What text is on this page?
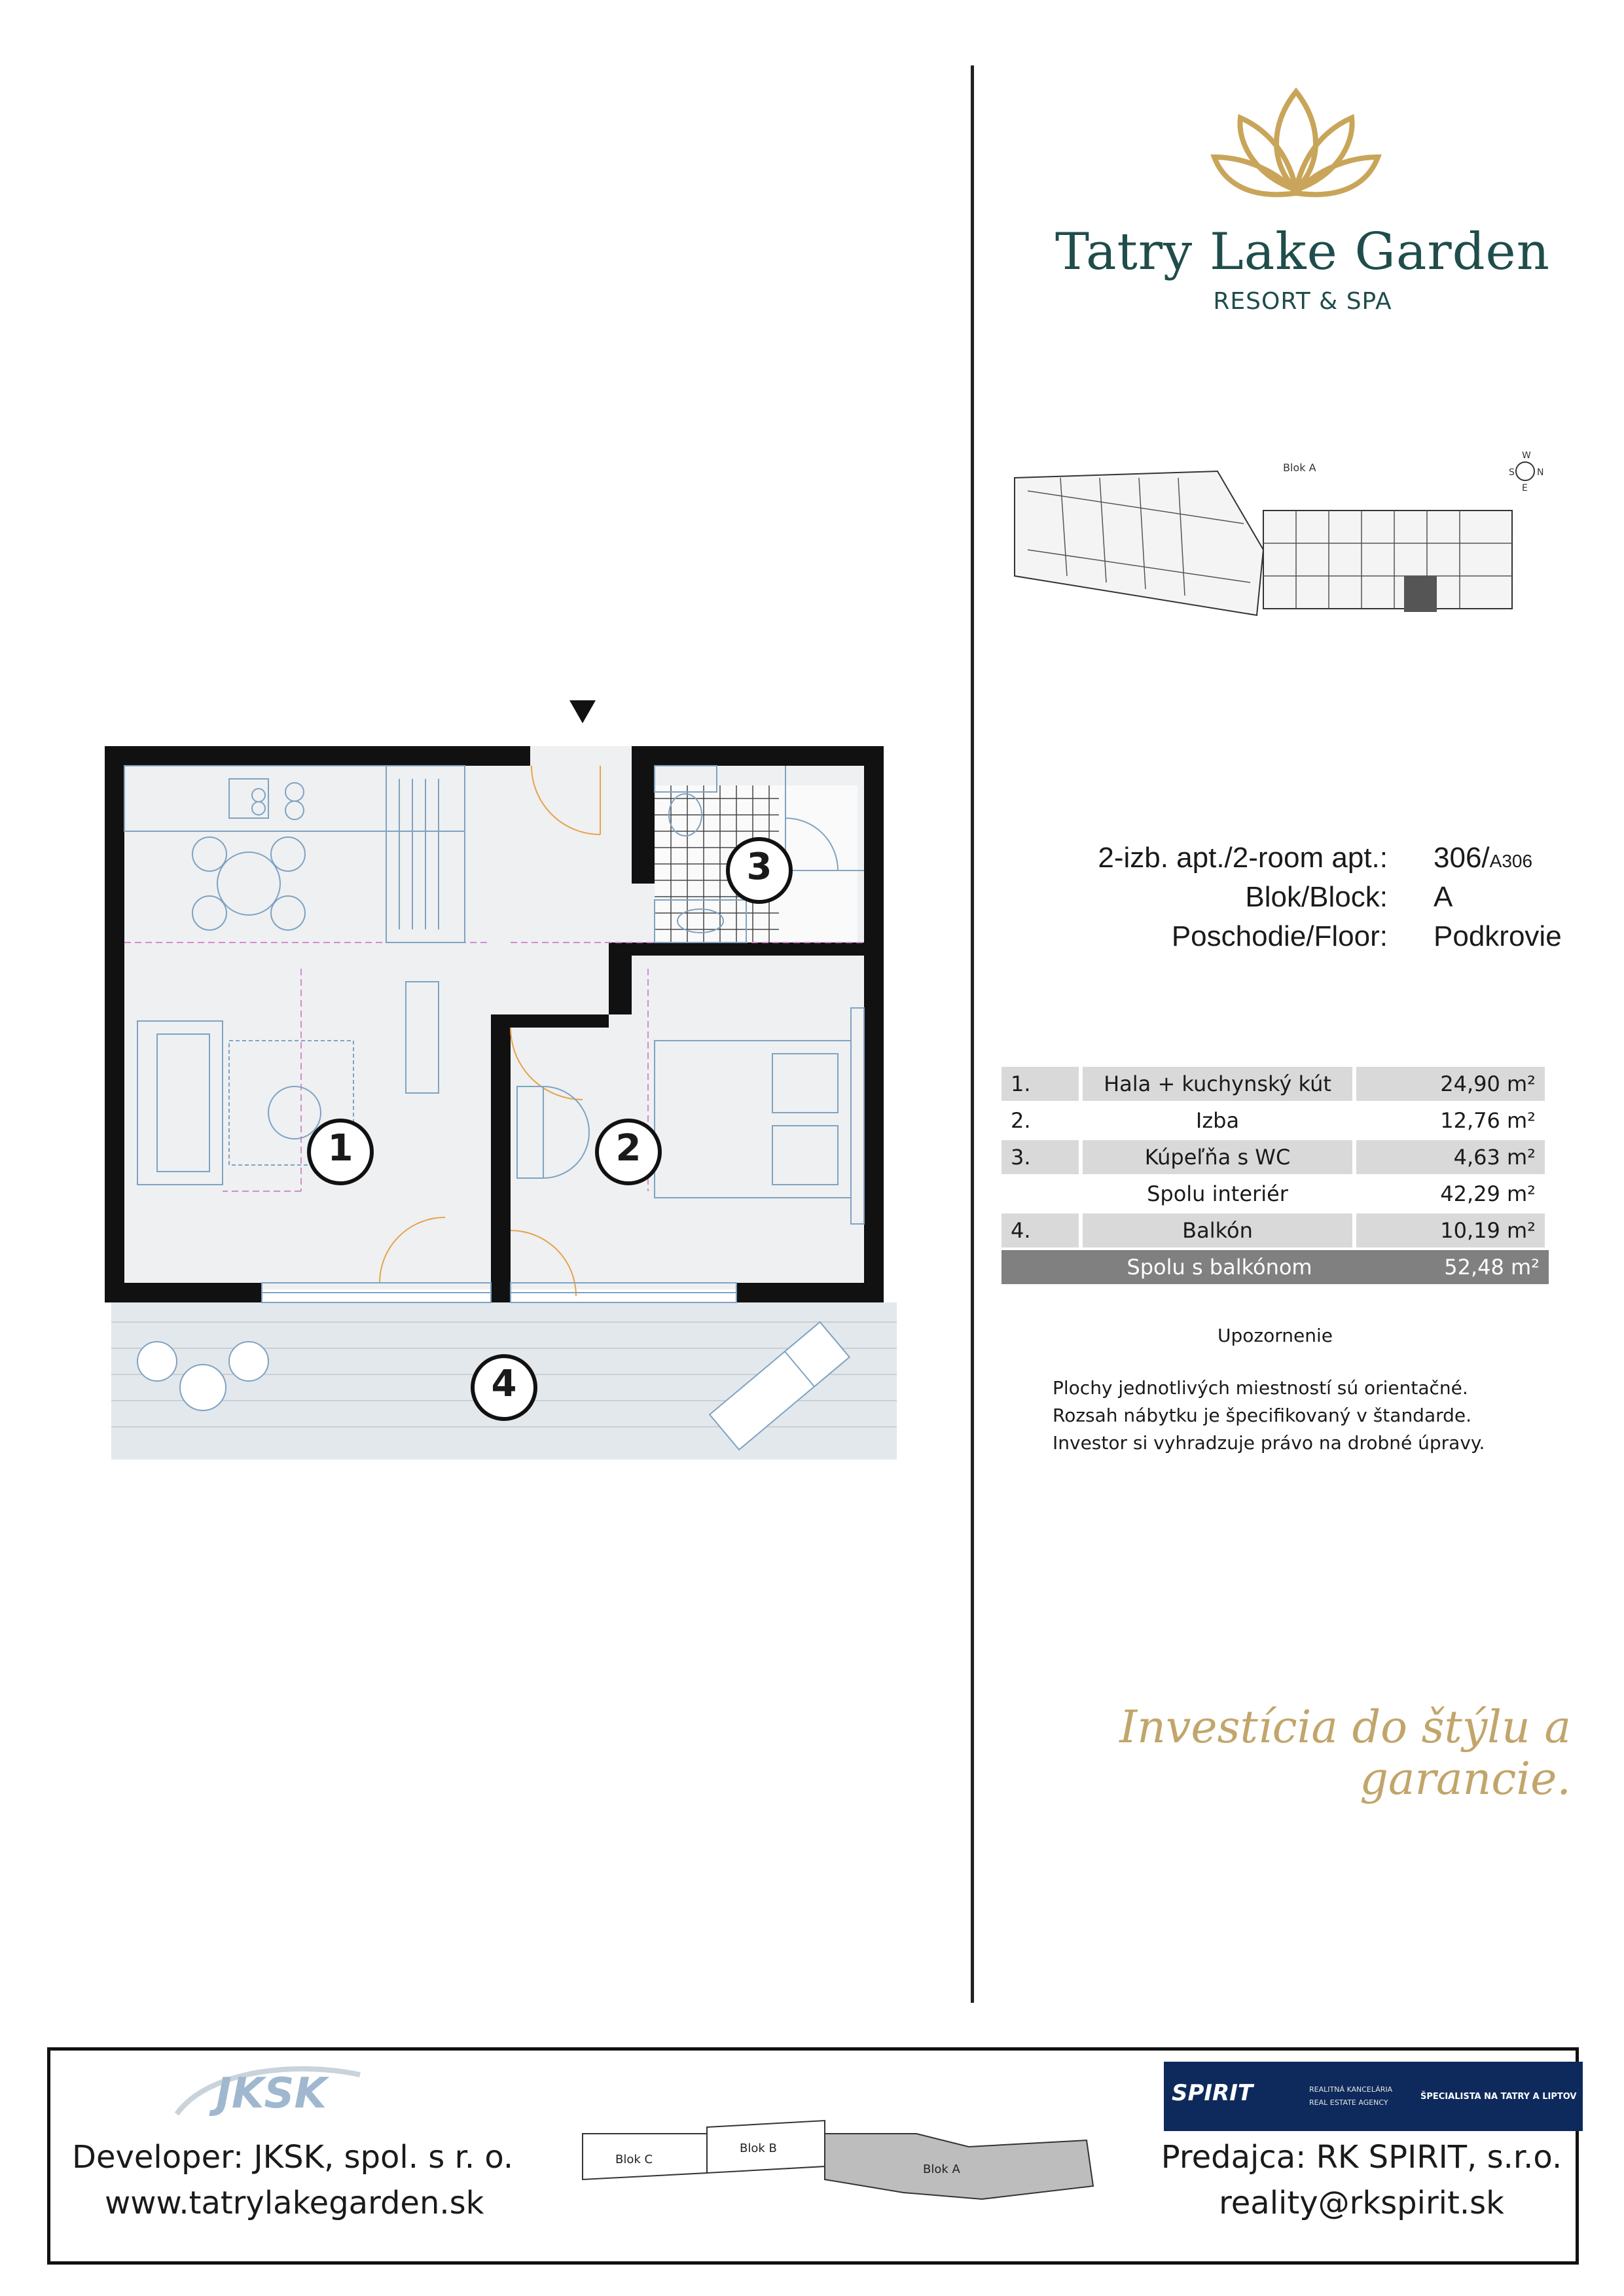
1	2
3
4
Tatry Lake Garden
RESORT & SPA
Blok A
W
S N
E
2-izb. apt./2-room apt.: 306/A306
Blok/Block: A
Poschodie/Floor: Podkrovie
1.	Hala + kuchynský kút	24,90 m²
2.	Izba	12,76 m²
3.	Kúpeľňa s WC	4,63 m²
	Spolu interiér	42,29 m²
4.	Balkón	10,19 m²
	Spolu s balkónom	52,48 m²
Upozornenie
Plochy jednotlivých miestností sú orientačné.
Rozsah nábytku je špecifikovaný v štandarde.
Investor si vyhradzuje právo na drobné úpravy.
Investícia do štýlu a garancie.
JKSK
Developer: JKSK, spol. s r. o.
www.tatrylakegarden.sk
Blok C
Blok B
Blok A
SPIRIT	REALITNÁ KANCELÁRIA
REAL ESTATE AGENCY
ŠPECIALISTA NA TATRY A LIPTOV
Predajca: RK SPIRIT, s.r.o.
reality@rkspirit.sk
